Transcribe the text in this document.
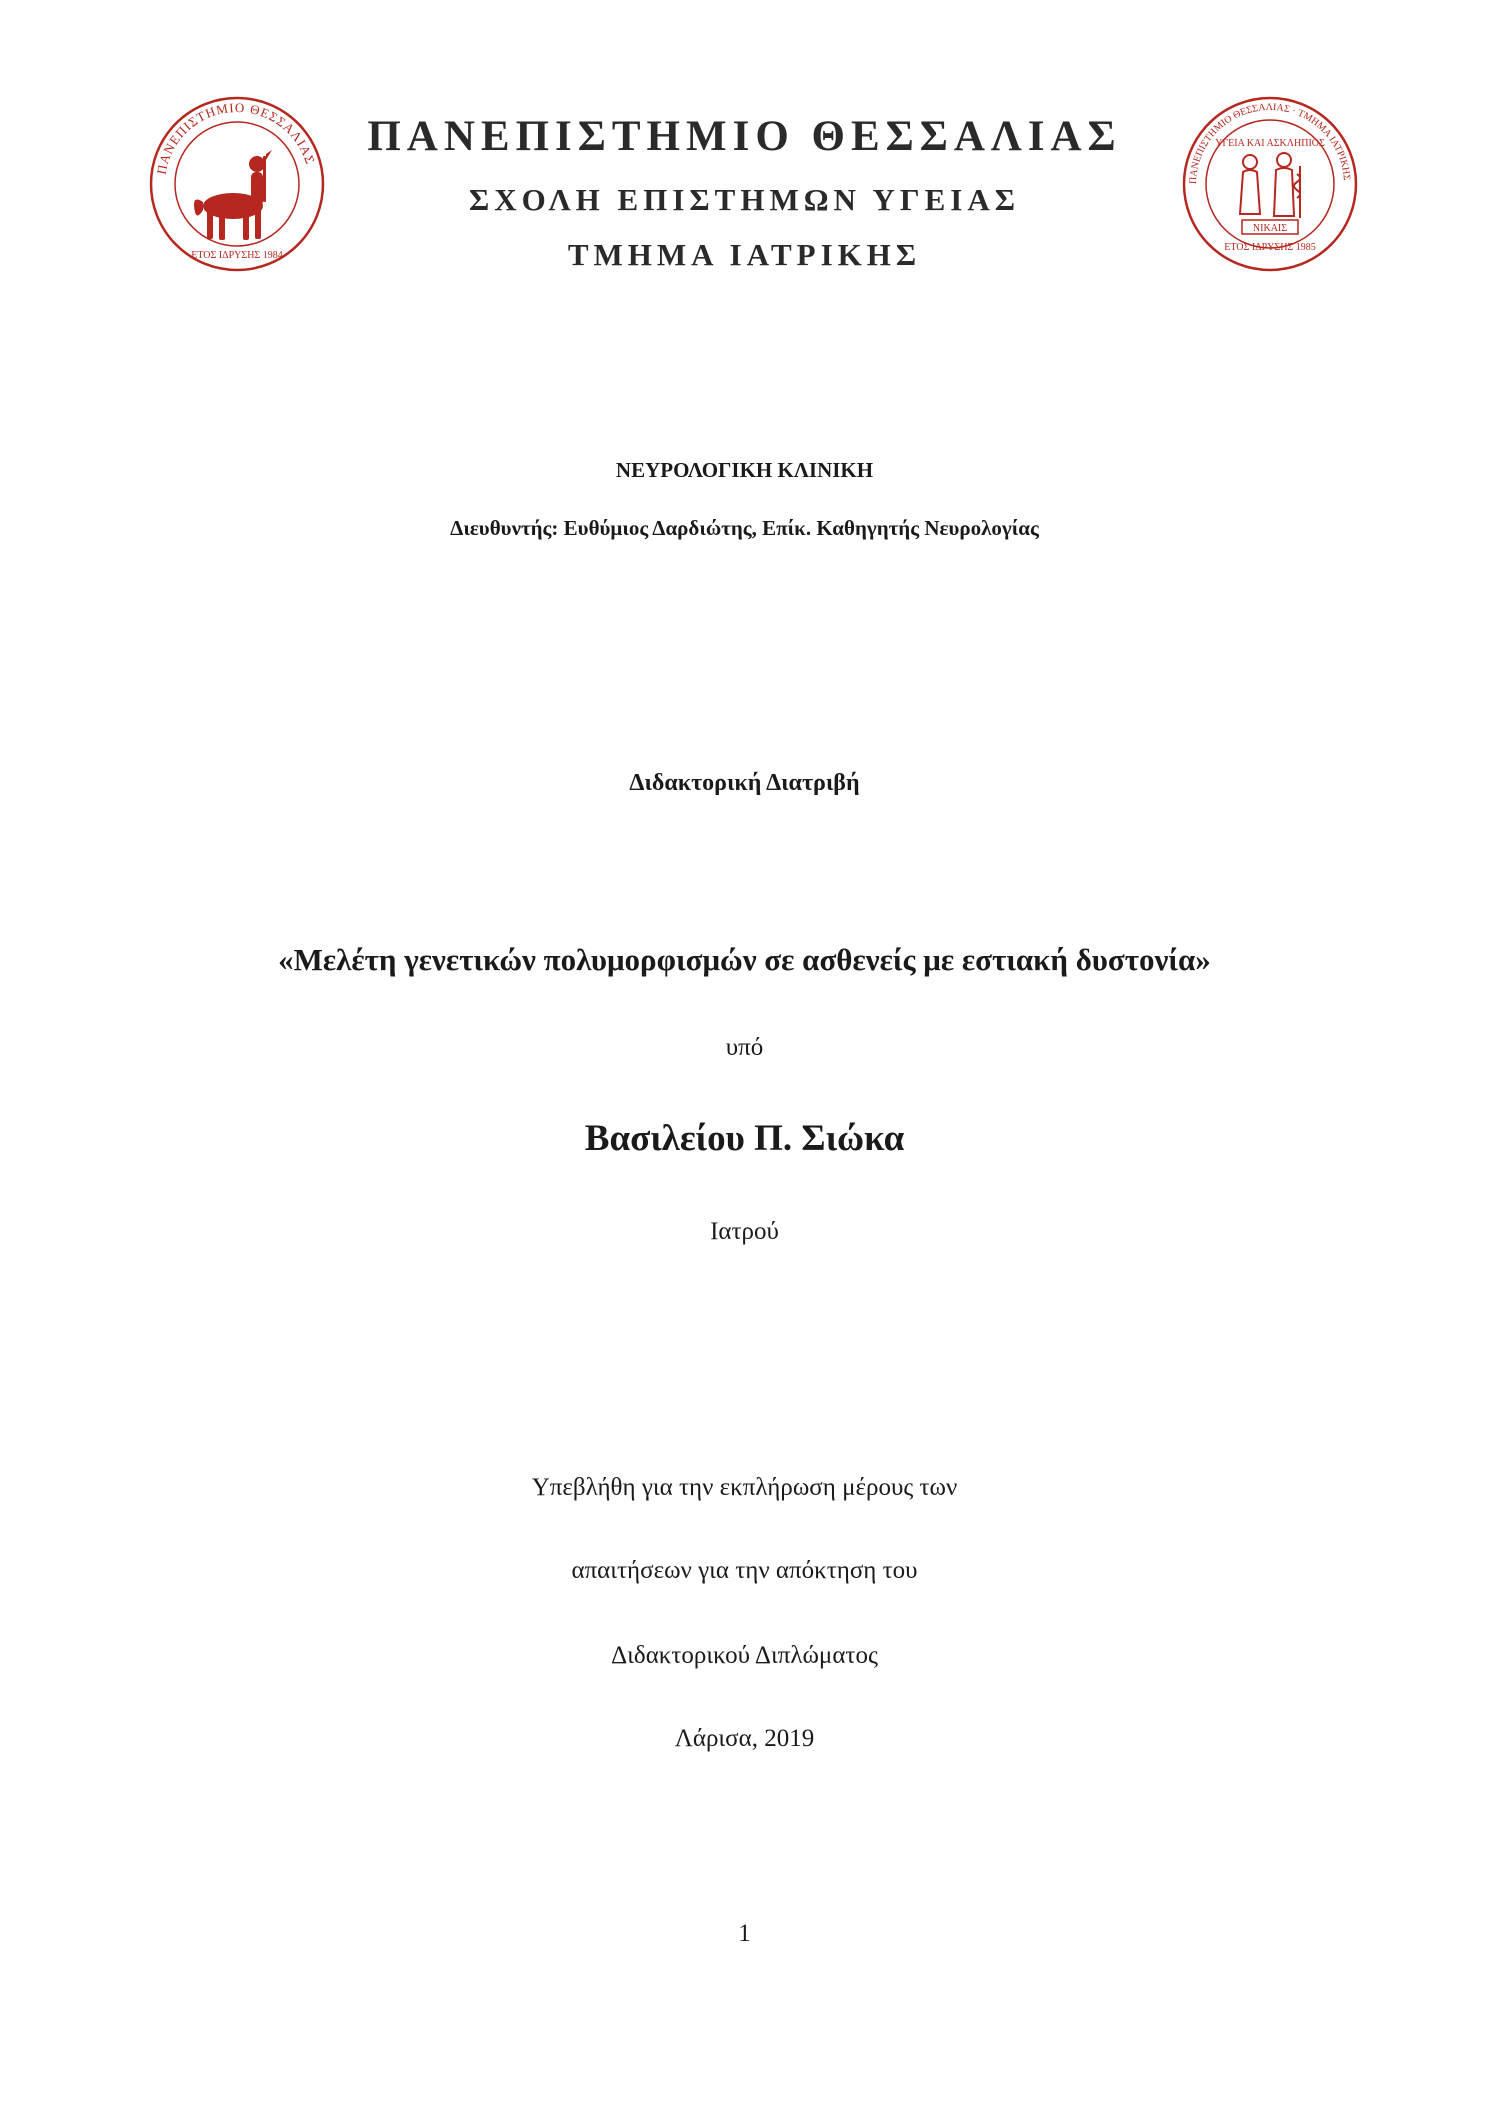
ΠΑΝΕΠΙΣΤΗΜΙΟ ΘΕΣΣΑΛΙΑΣ
ΕΤΟΣ ΙΔΡΥΣΗΣ 1984
ΠΑΝΕΠΙΣΤΗΜΙΟ ΘΕΣΣΑΛΙΑΣ · ΤΜΗΜΑ ΙΑΤΡΙΚΗΣ
ΥΓΕΙΑ ΚΑΙ ΑΣΚΛΗΠΙΟΣ
ΝΙΚΑΙΣ
ΕΤΟΣ ΙΔΡΥΣΗΣ 1985
ΠΑΝΕΠΙΣΤΗΜΙΟ ΘΕΣΣΑΛΙΑΣ
ΣΧΟΛΗ ΕΠΙΣΤΗΜΩΝ ΥΓΕΙΑΣ
ΤΜΗΜΑ ΙΑΤΡΙΚΗΣ
ΝΕΥΡΟΛΟΓΙΚΗ ΚΛΙΝΙΚΗ
Διευθυντής: Ευθύμιος Δαρδιώτης, Επίκ. Καθηγητής Νευρολογίας
Διδακτορική Διατριβή
«Μελέτη γενετικών πολυμορφισμών σε ασθενείς με εστιακή δυστονία»
υπό
Βασιλείου Π. Σιώκα
Ιατρού
Υπεβλήθη για την εκπλήρωση μέρους των
απαιτήσεων για την απόκτηση του
Διδακτορικού Διπλώματος
Λάρισα, 2019
1
